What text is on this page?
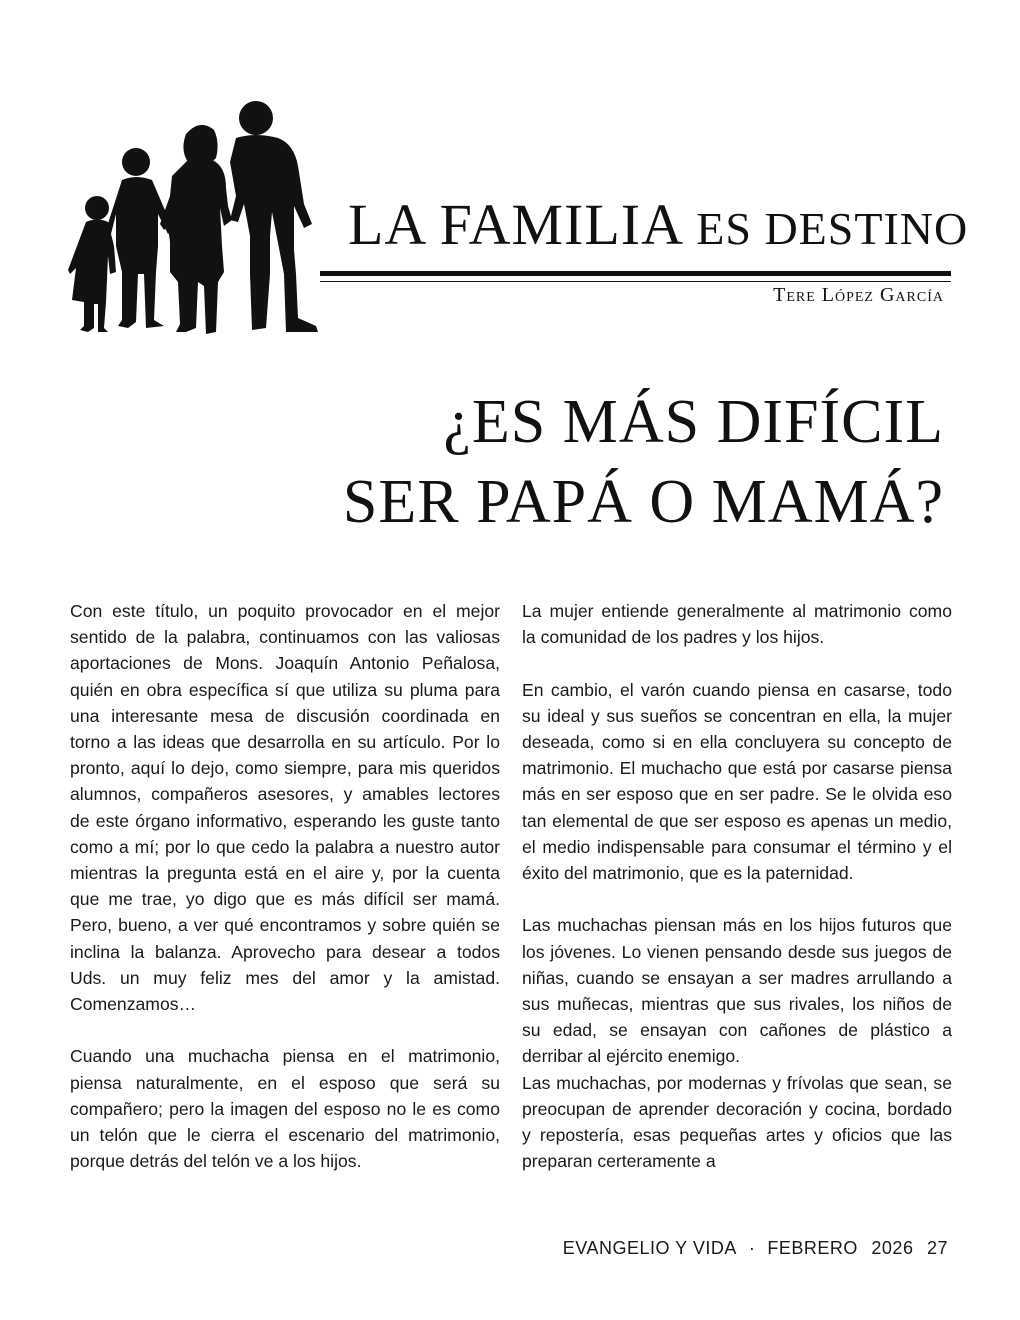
LA FAMILIA ES DESTINO
Tere López García
¿ES MÁS DIFÍCIL
SER PAPÁ O MAMÁ?

Con este título, un poquito provocador en el mejor sentido de la palabra, continuamos con las valiosas aportaciones de Mons. Joaquín Antonio Peñalosa, quién en obra específica sí que utiliza su pluma para una interesante mesa de discusión coordinada en torno a las ideas que desarrolla en su artículo. Por lo pronto, aquí lo dejo, como siempre, para mis queridos alumnos, compañeros asesores, y amables lectores de este órgano informativo, esperando les guste tanto como a mí; por lo que cedo la palabra a nuestro autor mientras la pregunta está en el aire y, por la cuenta que me trae, yo digo que es más difícil ser mamá. Pero, bueno, a ver qué encontramos y sobre quién se inclina la balanza. Aprovecho para desear a todos Uds. un muy feliz mes del amor y la amistad. Comenzamos…

Cuando una muchacha piensa en el matrimonio, piensa naturalmente, en el esposo que será su compañero; pero la imagen del esposo no le es como un telón que le cierra el escenario del matrimonio, porque detrás del telón ve a los hijos.

La mujer entiende generalmente al matrimonio como la comunidad de los padres y los hijos.

En cambio, el varón cuando piensa en casarse, todo su ideal y sus sueños se concentran en ella, la mujer deseada, como si en ella concluyera su concepto de matrimonio. El muchacho que está por casarse piensa más en ser esposo que en ser padre. Se le olvida eso tan elemental de que ser esposo es apenas un medio, el medio indispensable para consumar el término y el éxito del matrimonio, que es la paternidad.

Las muchachas piensan más en los hijos futuros que los jóvenes. Lo vienen pensando desde sus juegos de niñas, cuando se ensayan a ser madres arrullando a sus muñecas, mientras que sus rivales, los niños de su edad, se ensayan con cañones de plástico a derribar al ejército enemigo.

Las muchachas, por modernas y frívolas que sean, se preocupan de aprender decoración y cocina, bordado y repostería, esas pequeñas artes y oficios que las preparan certeramente a

EVANGELIO Y VIDA · FEBRERO 2026 27
